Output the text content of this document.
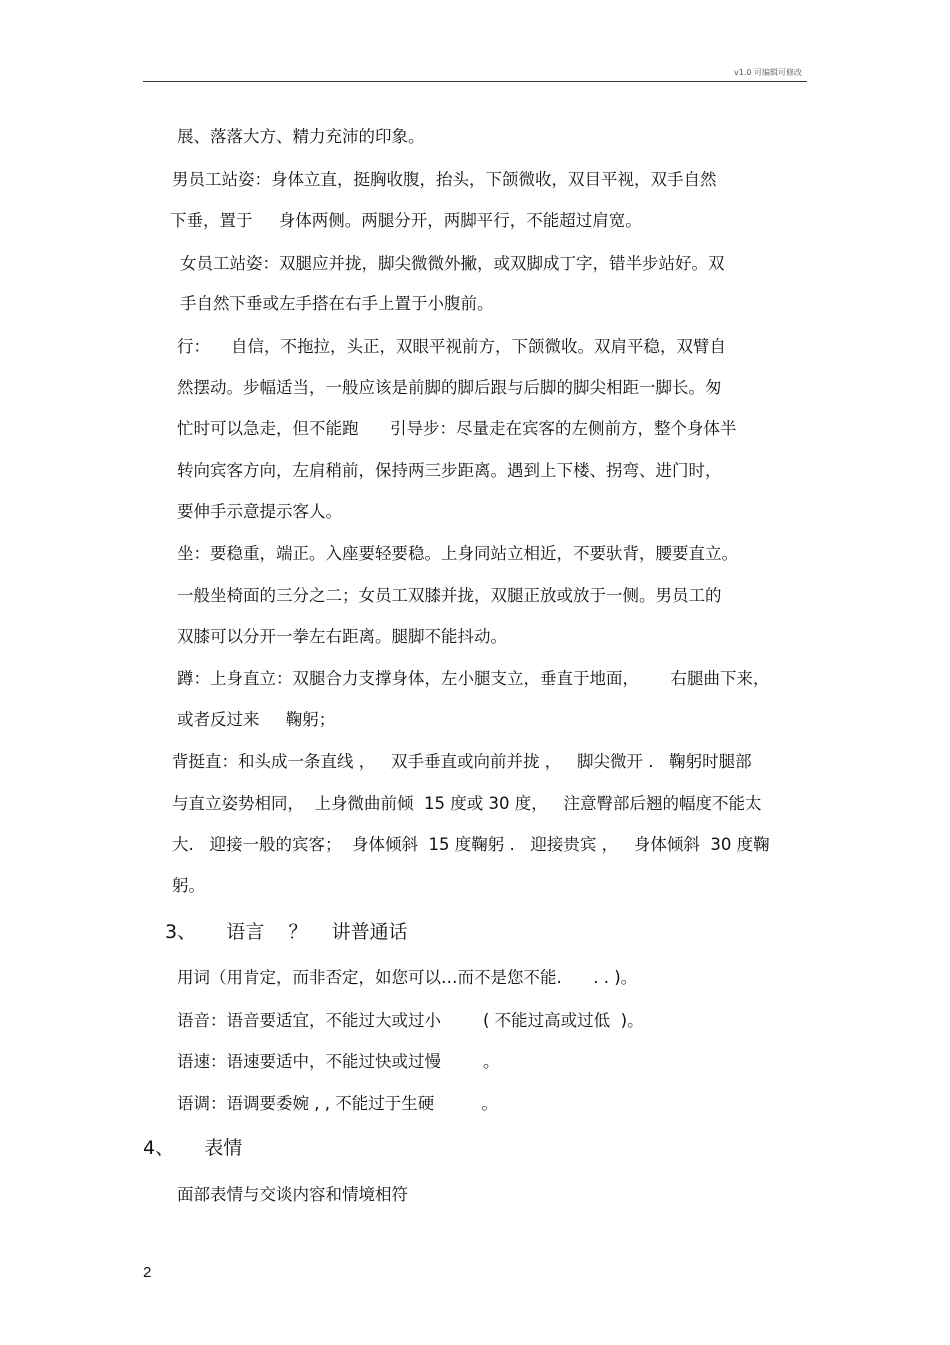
v1.0 可编辑可修改
展、落落大方、精力充沛的印象。
男员工站姿：身体立直，挺胸收腹，抬头，下颌微收，双目平视，双手自然
下垂，置于     身体两侧。两腿分开，两脚平行，不能超过肩宽。
女员工站姿：双腿应并拢，脚尖微微外撇，或双脚成丁字，错半步站好。双
手自然下垂或左手搭在右手上置于小腹前。
行：    自信，不拖拉，头正，双眼平视前方，下颌微收。双肩平稳，双臂自
然摆动。步幅适当，一般应该是前脚的脚后跟与后脚的脚尖相距一脚长。匆
忙时可以急走，但不能跑      引导步：尽量走在宾客的左侧前方，整个身体半
转向宾客方向，左肩稍前，保持两三步距离。遇到上下楼、拐弯、进门时，
要伸手示意提示客人。
坐：要稳重，端正。入座要轻要稳。上身同站立相近，不要驮背，腰要直立。
一般坐椅面的三分之二；女员工双膝并拢，双腿正放或放于一侧。男员工的
双膝可以分开一拳左右距离。腿脚不能抖动。
蹲：上身直立：双腿合力支撑身体，左小腿支立，垂直于地面，      右腿曲下来，
或者反过来     鞠躬；
背挺直：和头成一条直线 ，   双手垂直或向前并拢 ，   脚尖微开 .   鞠躬时腿部
与直立姿势相同，  上身微曲前倾  15 度或 30 度，   注意臀部后翘的幅度不能太
大.   迎接一般的宾客；  身体倾斜  15 度鞠躬 .   迎接贵宾 ，   身体倾斜  30 度鞠
躬。
3、     语言    ？    讲普通话
用词（用肯定，而非否定，如您可以…而不是您不能.      . . )。
语音：语音要适宜，不能过大或过小        ( 不能过高或过低  )。
语速：语速要适中，不能过快或过慢        。
语调：语调要委婉 , , 不能过于生硬         。
4、     表情
面部表情与交谈内容和情境相符
2
